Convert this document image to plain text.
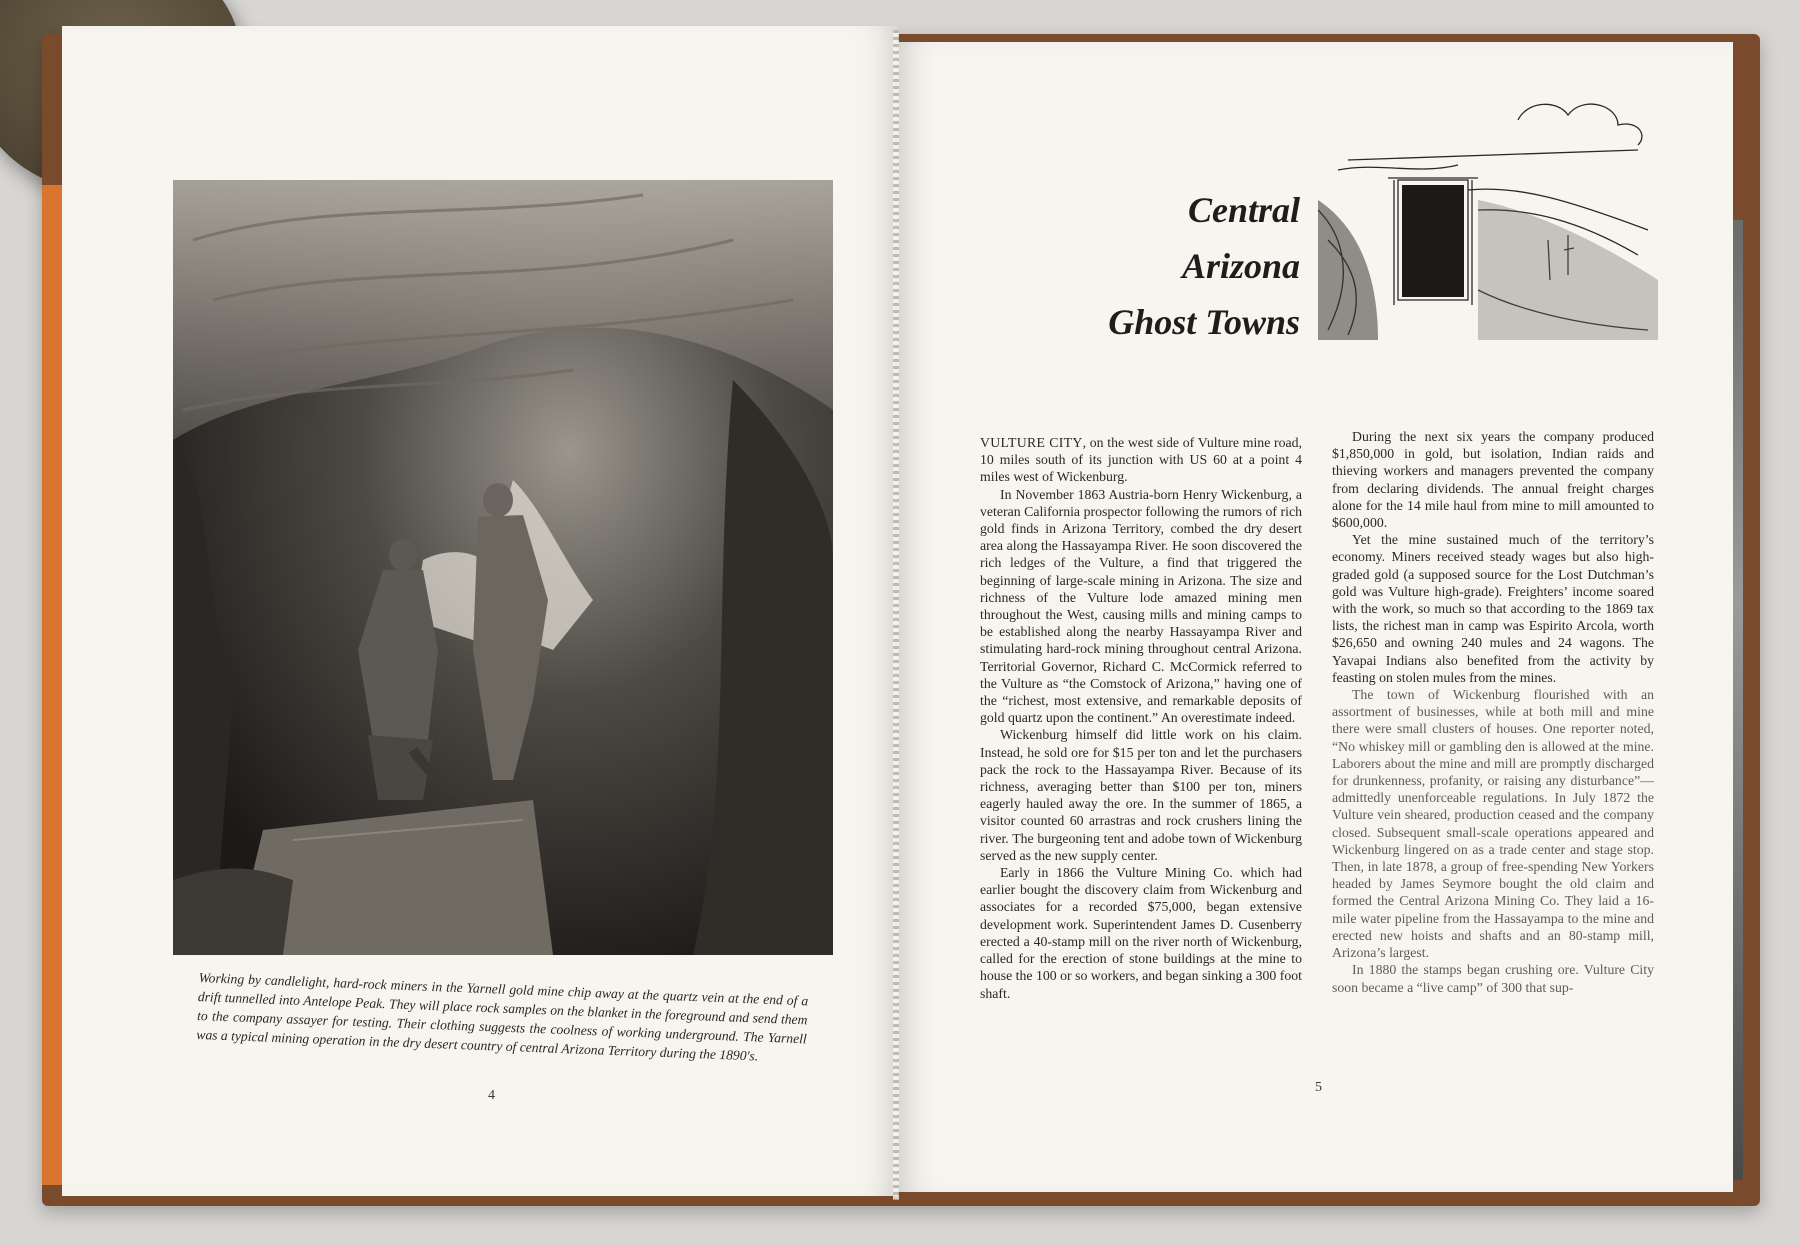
Working by candlelight, hard-rock miners in the Yarnell gold mine chip away at the quartz vein at the end of a drift tunnelled into Antelope Peak. They will place rock samples on the blanket in the foreground and send them to the company assayer for testing. Their clothing suggests the coolness of working underground. The Yarnell was a typical mining operation in the dry desert country of central Arizona Territory during the 1890's.
4
Central
Arizona
Ghost Towns

VULTURE CITY, on the west side of Vulture mine road, 10 miles south of its junction with US 60 at a point 4 miles west of Wickenburg.

In November 1863 Austria-born Henry Wickenburg, a veteran California prospector following the rumors of rich gold finds in Arizona Territory, combed the dry desert area along the Hassayampa River. He soon discovered the rich ledges of the Vulture, a find that triggered the beginning of large-scale mining in Arizona. The size and richness of the Vulture lode amazed mining men throughout the West, causing mills and mining camps to be established along the nearby Hassayampa River and stimulating hard-rock mining throughout central Arizona. Territorial Governor, Richard C. McCormick referred to the Vulture as “the Comstock of Arizona,” having one of the “richest, most extensive, and remarkable deposits of gold quartz upon the continent.” An overestimate indeed.

Wickenburg himself did little work on his claim. Instead, he sold ore for $15 per ton and let the purchasers pack the rock to the Hassayampa River. Because of its richness, averaging better than $100 per ton, miners eagerly hauled away the ore. In the summer of 1865, a visitor counted 60 arrastras and rock crushers lining the river. The burgeoning tent and adobe town of Wickenburg served as the new supply center.

Early in 1866 the Vulture Mining Co. which had earlier bought the discovery claim from Wickenburg and associates for a recorded $75,000, began extensive development work. Superintendent James D. Cusenberry erected a 40-stamp mill on the river north of Wickenburg, called for the erection of stone buildings at the mine to house the 100 or so workers, and began sinking a 300 foot shaft.

During the next six years the company produced $1,850,000 in gold, but isolation, Indian raids and thieving workers and managers prevented the company from declaring dividends. The annual freight charges alone for the 14 mile haul from mine to mill amounted to $600,000.

Yet the mine sustained much of the territory’s economy. Miners received steady wages but also high-graded gold (a supposed source for the Lost Dutchman’s gold was Vulture high-grade). Freighters’ income soared with the work, so much so that according to the 1869 tax lists, the richest man in camp was Espirito Arcola, worth $26,650 and owning 240 mules and 24 wagons. The Yavapai Indians also benefited from the activity by feasting on stolen mules from the mines.

The town of Wickenburg flourished with an assortment of businesses, while at both mill and mine there were small clusters of houses. One reporter noted, “No whiskey mill or gambling den is allowed at the mine. Laborers about the mine and mill are promptly discharged for drunkenness, profanity, or raising any disturbance”—admittedly unenforceable regulations. In July 1872 the Vulture vein sheared, production ceased and the company closed. Subsequent small-scale operations appeared and Wickenburg lingered on as a trade center and stage stop. Then, in late 1878, a group of free-spending New Yorkers headed by James Seymore bought the old claim and formed the Central Arizona Mining Co. They laid a 16-mile water pipeline from the Hassayampa to the mine and erected new hoists and shafts and an 80-stamp mill, Arizona’s largest.

In 1880 the stamps began crushing ore. Vulture City soon became a “live camp” of 300 that sup-

5
